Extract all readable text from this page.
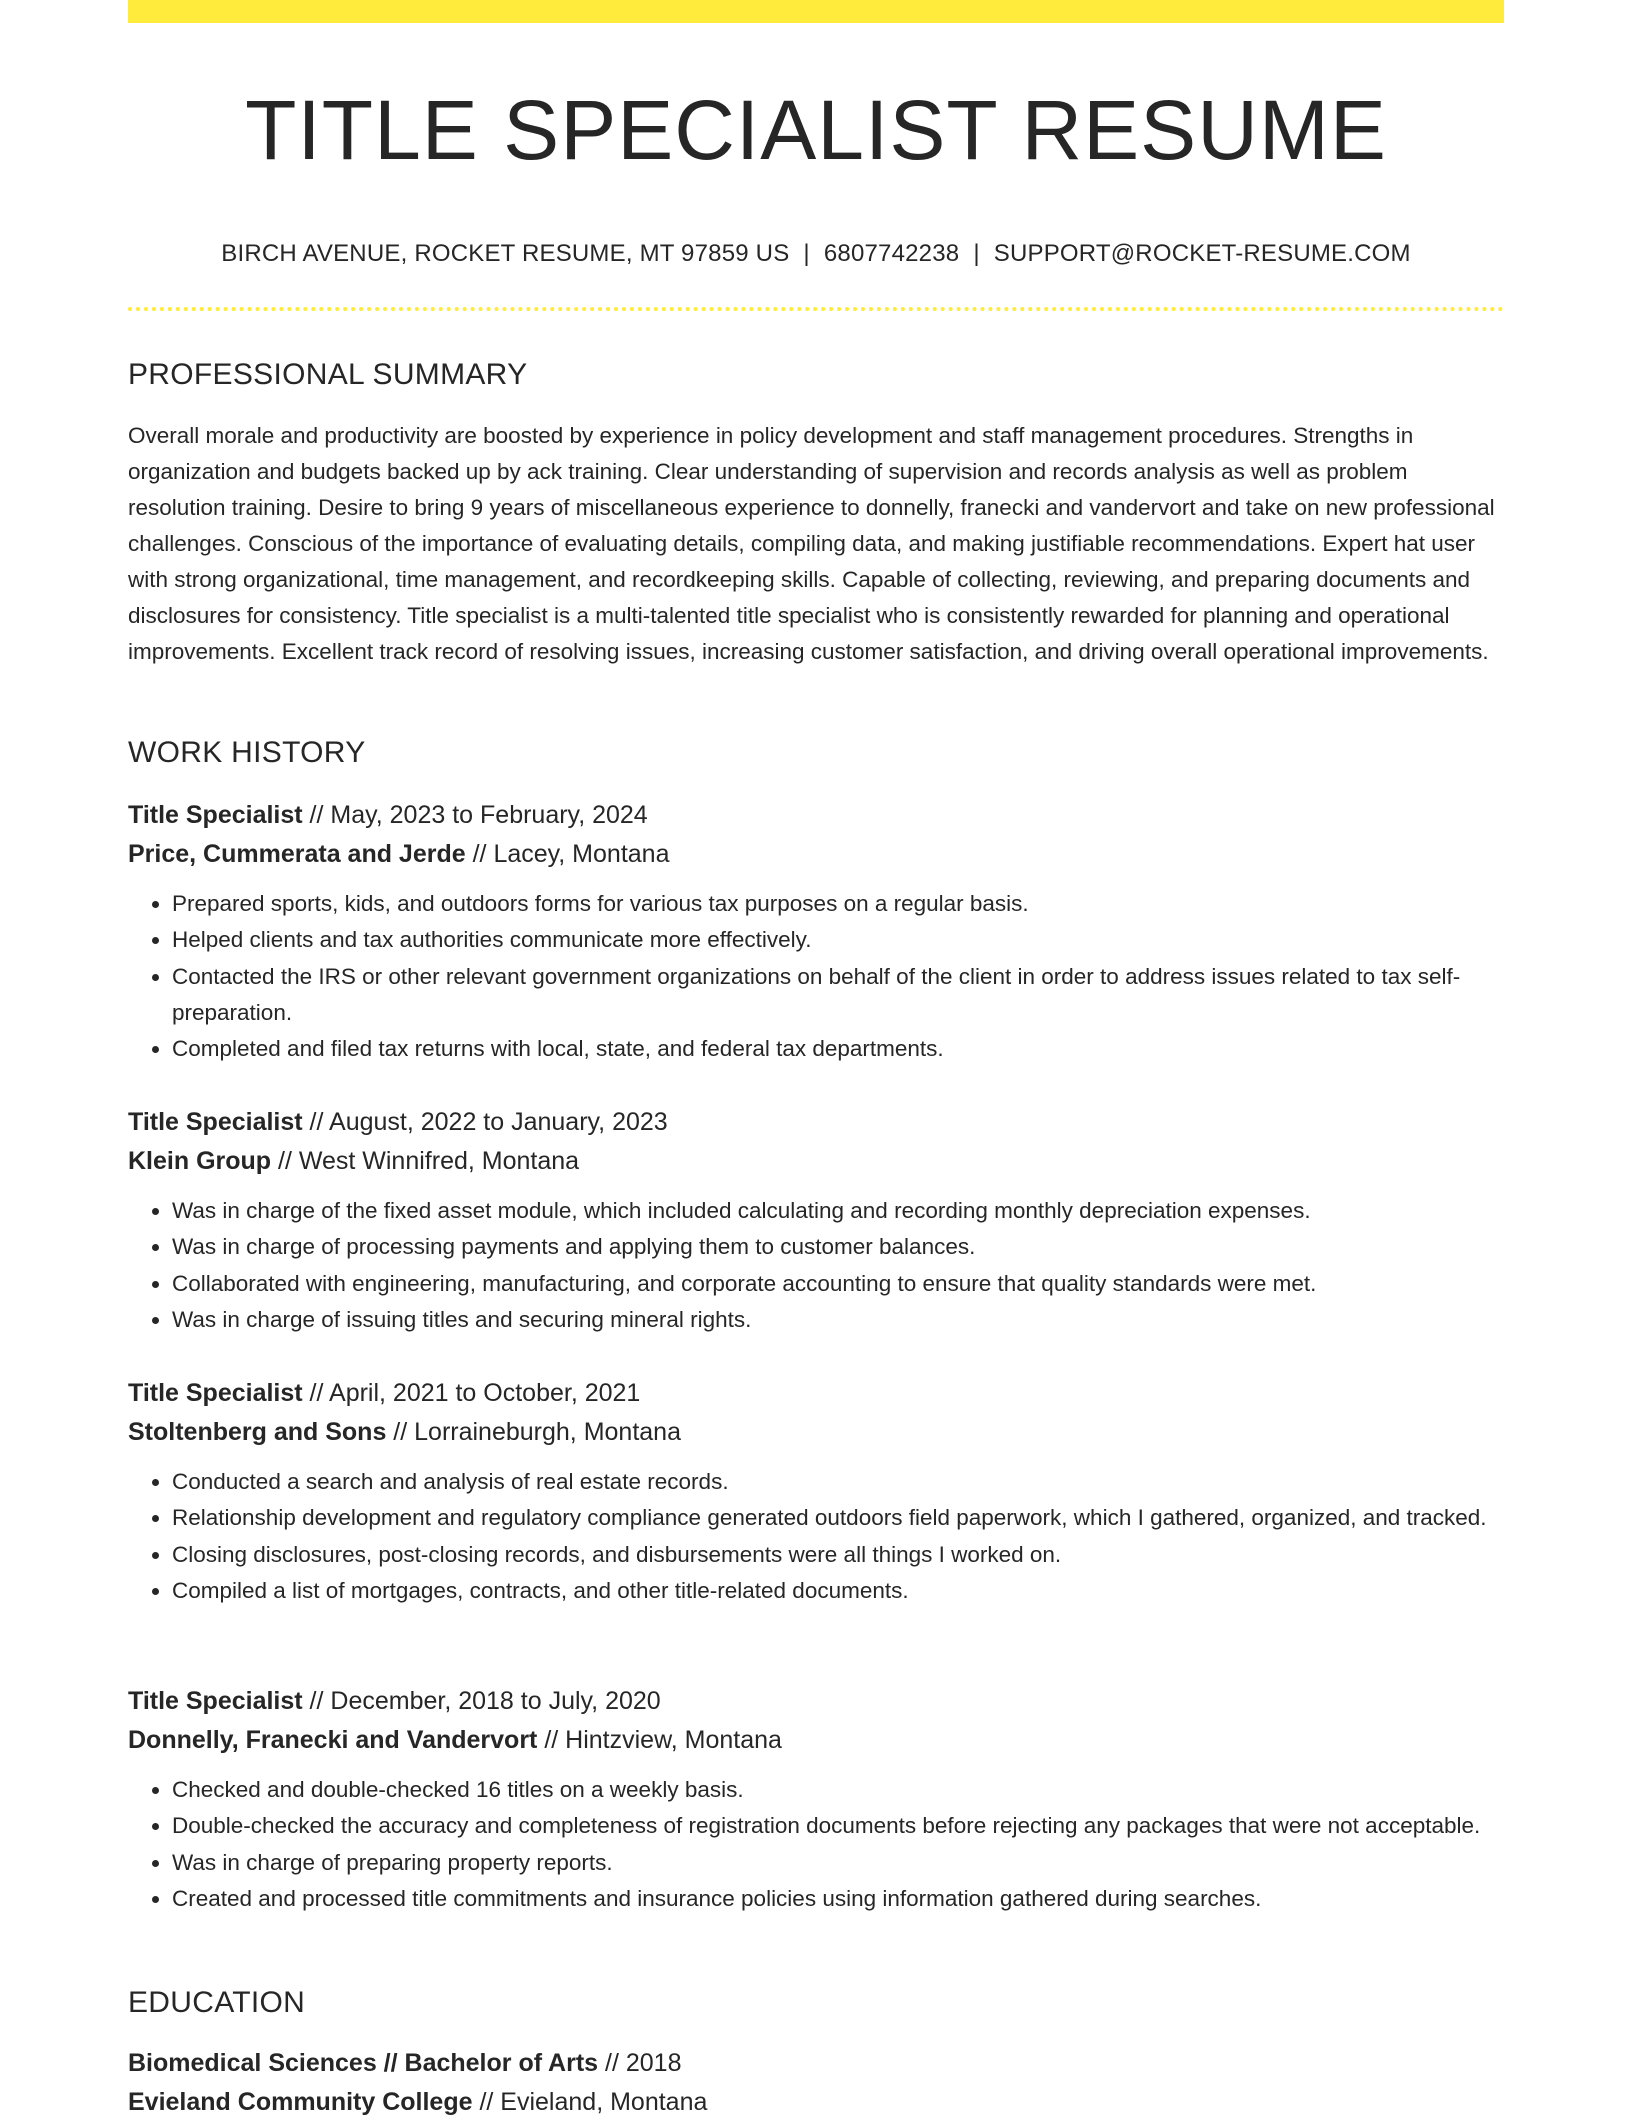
TITLE SPECIALIST RESUME
BIRCH AVENUE, ROCKET RESUME, MT 97859 US | 6807742238 | SUPPORT@ROCKET-RESUME.COM
PROFESSIONAL SUMMARY

Overall morale and productivity are boosted by experience in policy development and staff management procedures. Strengths in organization and budgets backed up by ack training. Clear understanding of supervision and records analysis as well as problem resolution training. Desire to bring 9 years of miscellaneous experience to donnelly, franecki and vandervort and take on new professional challenges. Conscious of the importance of evaluating details, compiling data, and making justifiable recommendations. Expert hat user with strong organizational, time management, and recordkeeping skills. Capable of collecting, reviewing, and preparing documents and disclosures for consistency. Title specialist is a multi-talented title specialist who is consistently rewarded for planning and operational improvements. Excellent track record of resolving issues, increasing customer satisfaction, and driving overall operational improvements.

WORK HISTORY
Title Specialist // May, 2023 to February, 2024
Price, Cummerata and Jerde // Lacey, Montana
• Prepared sports, kids, and outdoors forms for various tax purposes on a regular basis.
• Helped clients and tax authorities communicate more effectively.
• Contacted the IRS or other relevant government organizations on behalf of the client in order to address issues related to tax self-preparation.
• Completed and filed tax returns with local, state, and federal tax departments.
Title Specialist // August, 2022 to January, 2023
Klein Group // West Winnifred, Montana
• Was in charge of the fixed asset module, which included calculating and recording monthly depreciation expenses.
• Was in charge of processing payments and applying them to customer balances.
• Collaborated with engineering, manufacturing, and corporate accounting to ensure that quality standards were met.
• Was in charge of issuing titles and securing mineral rights.
Title Specialist // April, 2021 to October, 2021
Stoltenberg and Sons // Lorraineburgh, Montana
• Conducted a search and analysis of real estate records.
• Relationship development and regulatory compliance generated outdoors field paperwork, which I gathered, organized, and tracked.
• Closing disclosures, post-closing records, and disbursements were all things I worked on.
• Compiled a list of mortgages, contracts, and other title-related documents.
Title Specialist // December, 2018 to July, 2020
Donnelly, Franecki and Vandervort // Hintzview, Montana
• Checked and double-checked 16 titles on a weekly basis.
• Double-checked the accuracy and completeness of registration documents before rejecting any packages that were not acceptable.
• Was in charge of preparing property reports.
• Created and processed title commitments and insurance policies using information gathered during searches.
EDUCATION
Biomedical Sciences // Bachelor of Arts // 2018
Evieland Community College // Evieland, Montana
